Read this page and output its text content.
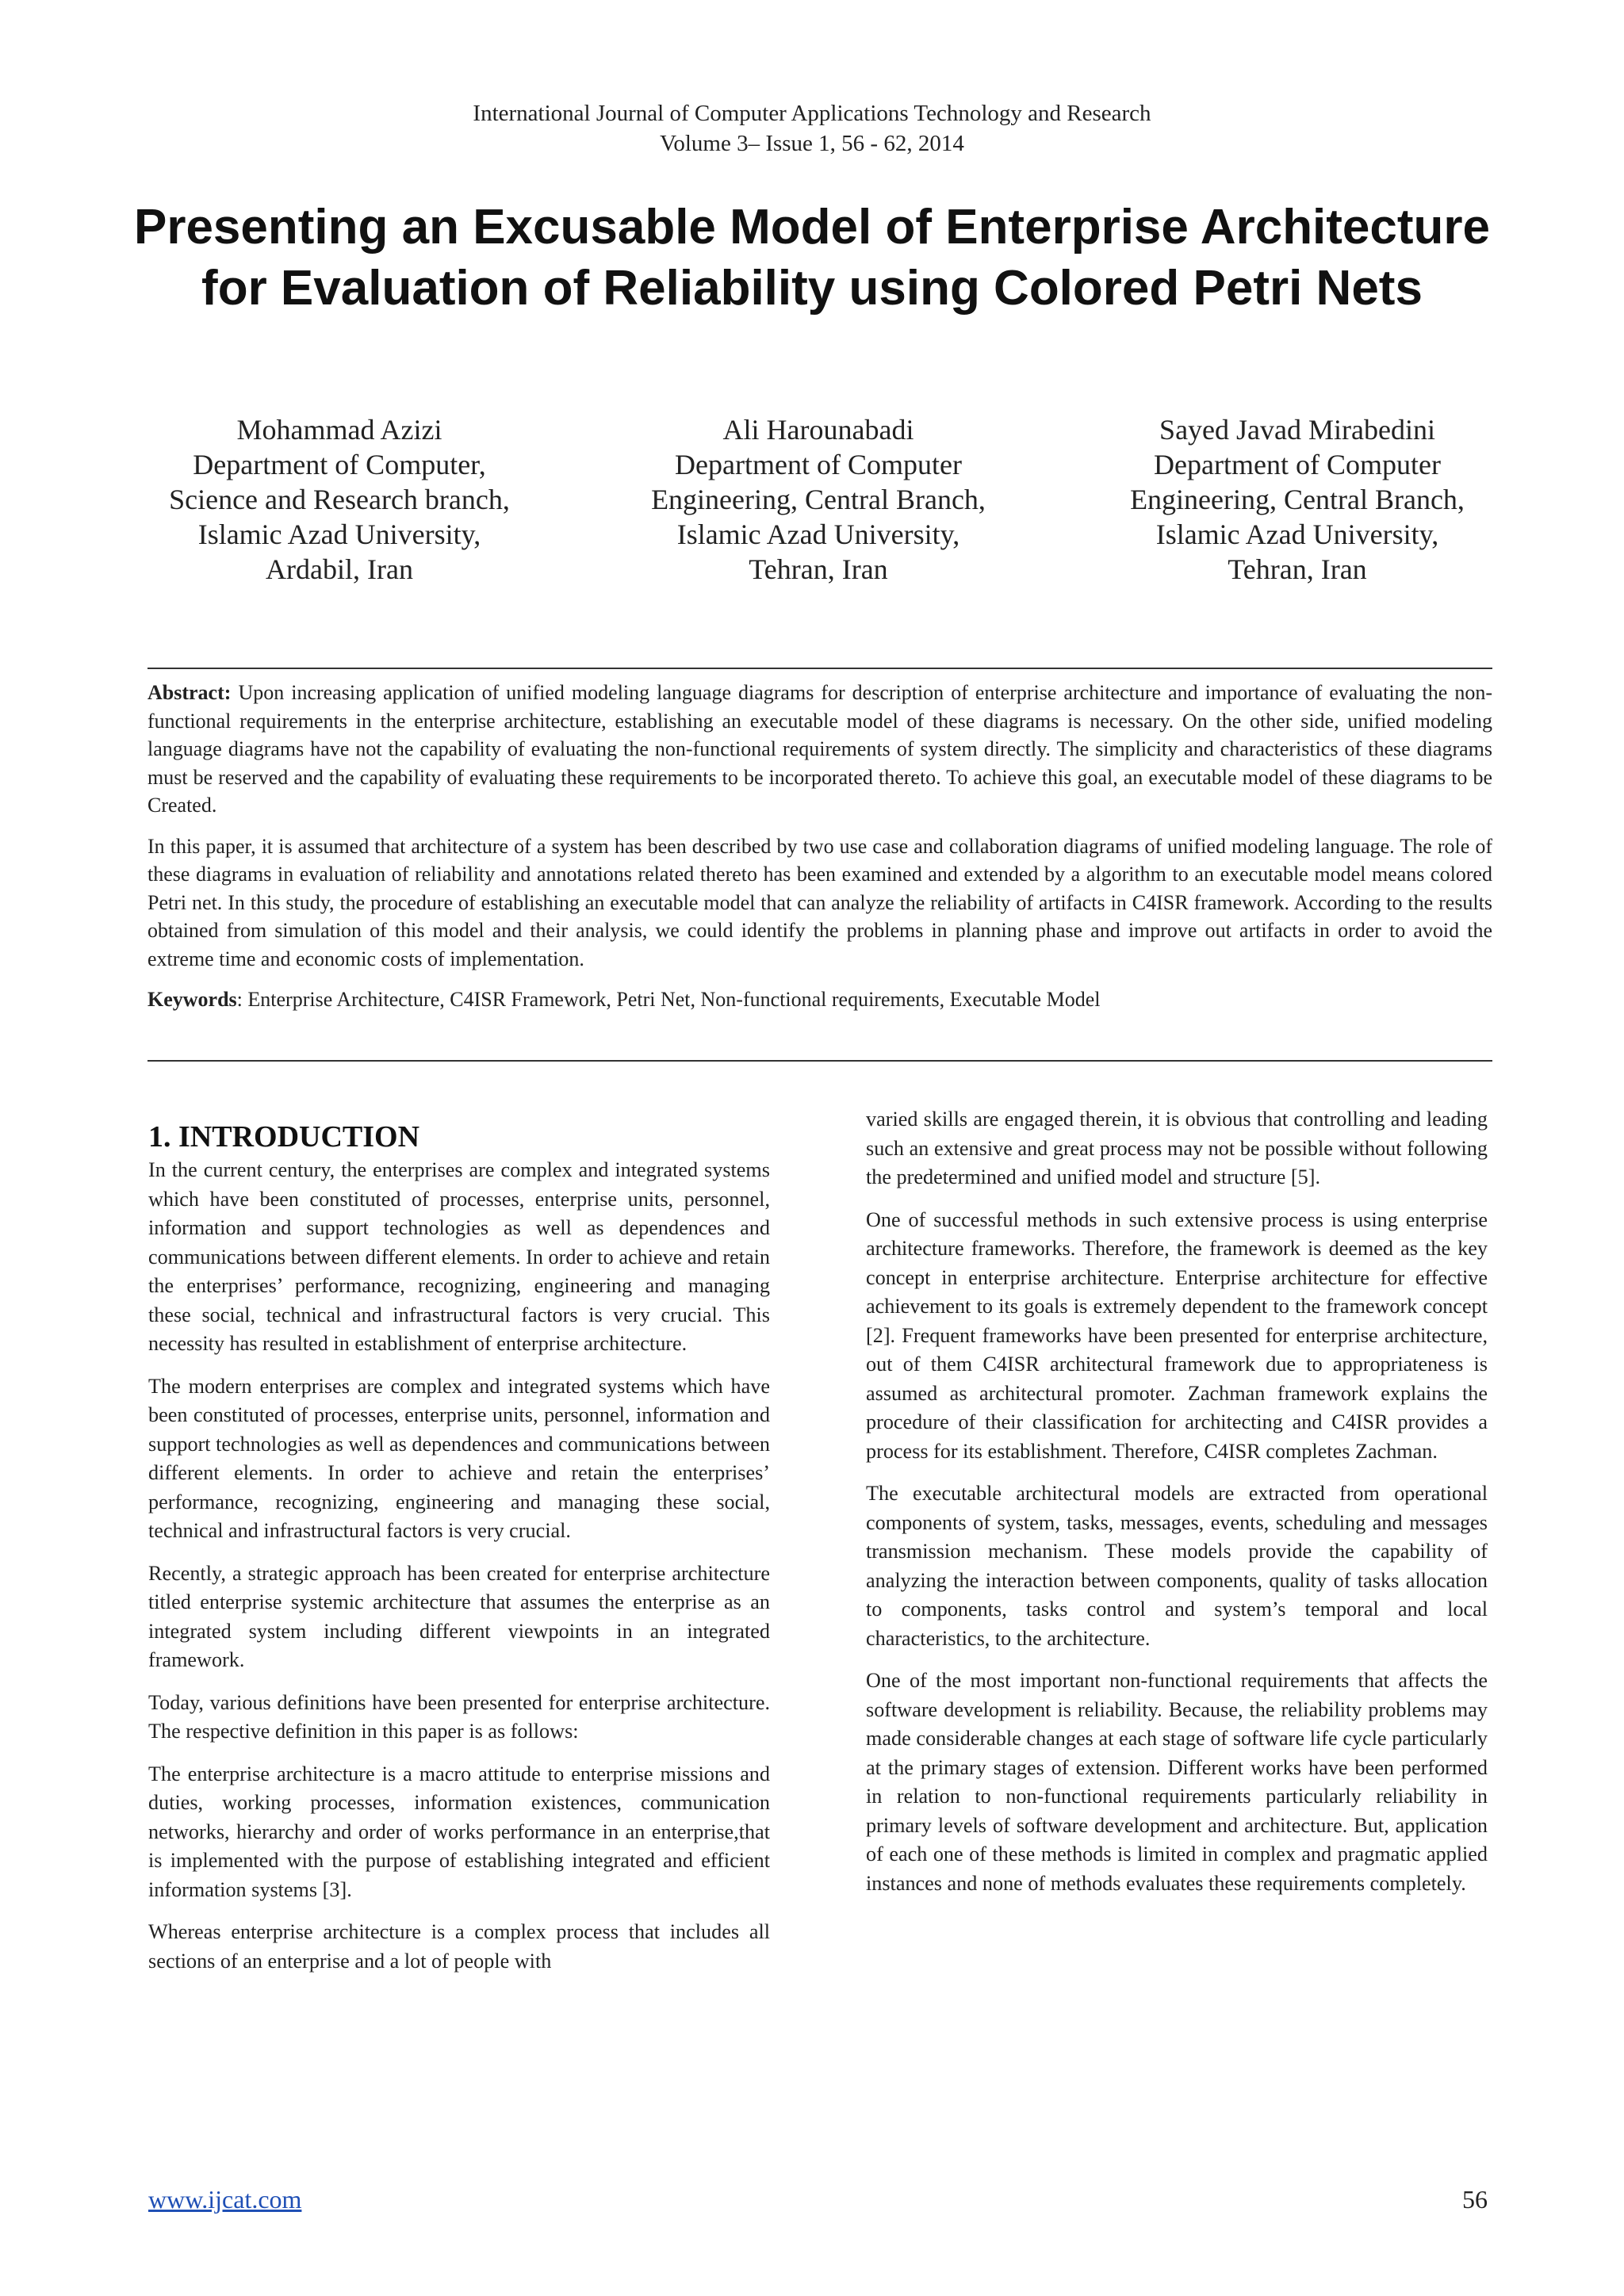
International Journal of Computer Applications Technology and Research
Volume 3– Issue 1, 56 - 62, 2014
Presenting an Excusable Model of Enterprise Architecture for Evaluation of Reliability using Colored Petri Nets
Mohammad Azizi
Department of Computer,
Science and Research branch,
Islamic Azad University,
Ardabil, Iran
Ali Harounabadi
Department of Computer
Engineering, Central Branch,
Islamic Azad University,
Tehran, Iran
Sayed Javad Mirabedini
Department of Computer
Engineering, Central Branch,
Islamic Azad University,
Tehran, Iran

Abstract: Upon increasing application of unified modeling language diagrams for description of enterprise architecture and importance of evaluating the non-functional requirements in the enterprise architecture, establishing an executable model of these diagrams is necessary. On the other side, unified modeling language diagrams have not the capability of evaluating the non-functional requirements of system directly. The simplicity and characteristics of these diagrams must be reserved and the capability of evaluating these requirements to be incorporated thereto. To achieve this goal, an executable model of these diagrams to be Created.

In this paper, it is assumed that architecture of a system has been described by two use case and collaboration diagrams of unified modeling language. The role of these diagrams in evaluation of reliability and annotations related thereto has been examined and extended by a algorithm to an executable model means colored Petri net. In this study, the procedure of establishing an executable model that can analyze the reliability of artifacts in C4ISR framework. According to the results obtained from simulation of this model and their analysis, we could identify the problems in planning phase and improve out artifacts in order to avoid the extreme time and economic costs of implementation.

Keywords: Enterprise Architecture, C4ISR Framework, Petri Net, Non-functional requirements, Executable Model

1. INTRODUCTION

In the current century, the enterprises are complex and integrated systems which have been constituted of processes, enterprise units, personnel, information and support technologies as well as dependences and communications between different elements. In order to achieve and retain the enterprises’ performance, recognizing, engineering and managing these social, technical and infrastructural factors is very crucial. This necessity has resulted in establishment of enterprise architecture.

The modern enterprises are complex and integrated systems which have been constituted of processes, enterprise units, personnel, information and support technologies as well as dependences and communications between different elements. In order to achieve and retain the enterprises’ performance, recognizing, engineering and managing these social, technical and infrastructural factors is very crucial.

Recently, a strategic approach has been created for enterprise architecture titled enterprise systemic architecture that assumes the enterprise as an integrated system including different viewpoints in an integrated framework.

Today, various definitions have been presented for enterprise architecture. The respective definition in this paper is as follows:

The enterprise architecture is a macro attitude to enterprise missions and duties, working processes, information existences, communication networks, hierarchy and order of works performance in an enterprise,that is implemented with the purpose of establishing integrated and efficient information systems [3].

Whereas enterprise architecture is a complex process that includes all sections of an enterprise and a lot of people with

varied skills are engaged therein, it is obvious that controlling and leading such an extensive and great process may not be possible without following the predetermined and unified model and structure [5].

One of successful methods in such extensive process is using enterprise architecture frameworks. Therefore, the framework is deemed as the key concept in enterprise architecture. Enterprise architecture for effective achievement to its goals is extremely dependent to the framework concept [2]. Frequent frameworks have been presented for enterprise architecture, out of them C4ISR architectural framework due to appropriateness is assumed as architectural promoter. Zachman framework explains the procedure of their classification for architecting and C4ISR provides a process for its establishment. Therefore, C4ISR completes Zachman.

The executable architectural models are extracted from operational components of system, tasks, messages, events, scheduling and messages transmission mechanism. These models provide the capability of analyzing the interaction between components, quality of tasks allocation to components, tasks control and system’s temporal and local characteristics, to the architecture.

One of the most important non-functional requirements that affects the software development is reliability. Because, the reliability problems may made considerable changes at each stage of software life cycle particularly at the primary stages of extension. Different works have been performed in relation to non-functional requirements particularly reliability in primary levels of software development and architecture. But, application of each one of these methods is limited in complex and pragmatic applied instances and none of methods evaluates these requirements completely.

www.ijcat.com	56
